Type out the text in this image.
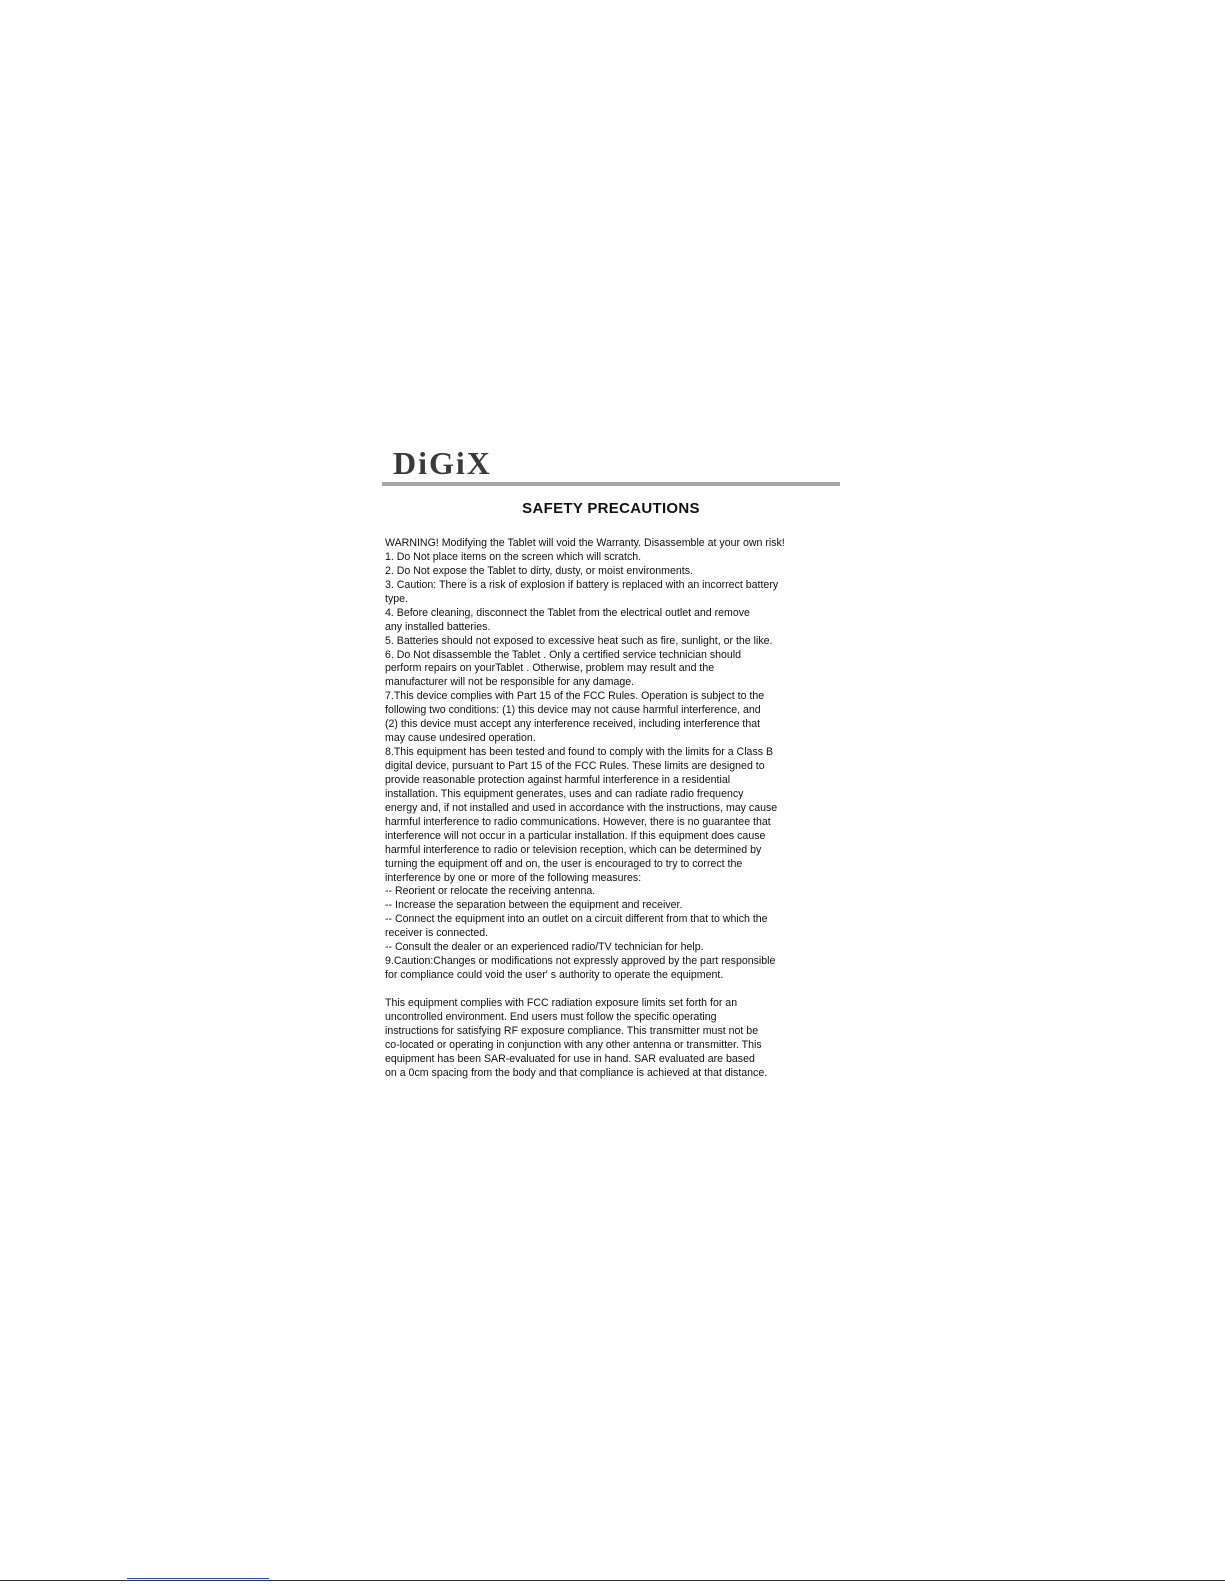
DiGiX
SAFETY PRECAUTIONS
WARNING! Modifying the Tablet will void the Warranty. Disassemble at your own risk!
1. Do Not place items on the screen which will scratch.
2. Do Not expose the Tablet to dirty, dusty, or moist environments.
3. Caution: There is a risk of explosion if battery is replaced with an incorrect battery
type.
4. Before cleaning, disconnect the Tablet from the electrical outlet and remove
any installed batteries.
5. Batteries should not exposed to excessive heat such as fire, sunlight, or the like.
6. Do Not disassemble the Tablet . Only a certified service technician should
perform repairs on yourTablet . Otherwise, problem may result and the
manufacturer will not be responsible for any damage.
7.This device complies with Part 15 of the FCC Rules. Operation is subject to the
following two conditions: (1) this device may not cause harmful interference, and
(2) this device must accept any interference received, including interference that
may cause undesired operation.
8.This equipment has been tested and found to comply with the limits for a Class B
digital device, pursuant to Part 15 of the FCC Rules. These limits are designed to
provide reasonable protection against harmful interference in a residential
installation. This equipment generates, uses and can radiate radio frequency
energy and, if not installed and used in accordance with the instructions, may cause
harmful interference to radio communications. However, there is no guarantee that
interference will not occur in a particular installation. If this equipment does cause
harmful interference to radio or television reception, which can be determined by
turning the equipment off and on, the user is encouraged to try to correct the
interference by one or more of the following measures:
-- Reorient or relocate the receiving antenna.
-- Increase the separation between the equipment and receiver.
-- Connect the equipment into an outlet on a circuit different from that to which the
receiver is connected.
-- Consult the dealer or an experienced radio/TV technician for help.
9.Caution:Changes or modifications not expressly approved by the part responsible
for compliance could void the user' s authority to operate the equipment.
This equipment complies with FCC radiation exposure limits set forth for an
uncontrolled environment. End users must follow the specific operating
instructions for satisfying RF exposure compliance. This transmitter must not be
co-located or operating in conjunction with any other antenna or transmitter. This
equipment has been SAR-evaluated for use in hand. SAR evaluated are based
on a 0cm spacing from the body and that compliance is achieved at that distance.
